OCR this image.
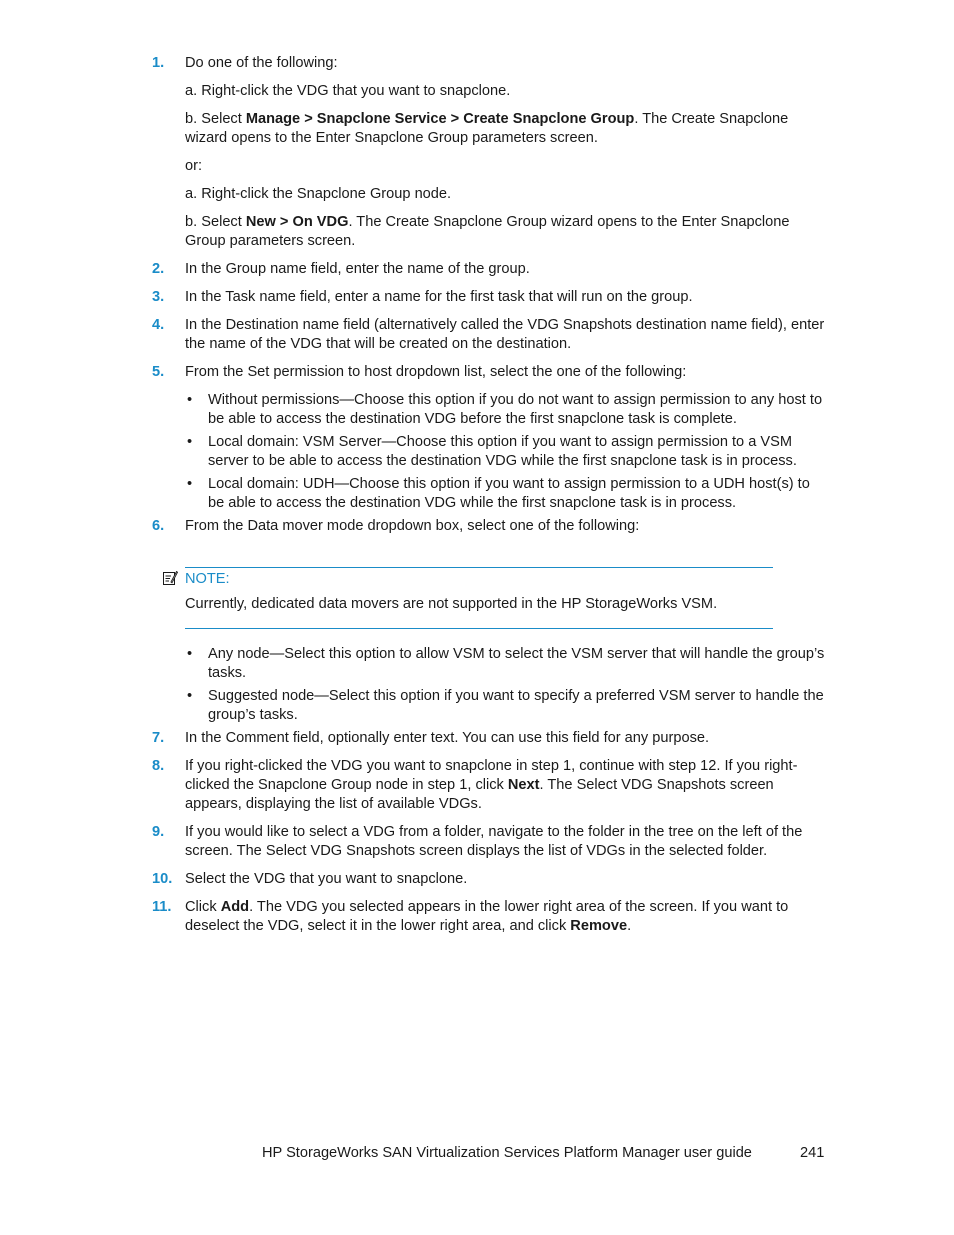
1.	Do one of the following:
a. Right-click the VDG that you want to snapclone.
b. Select Manage > Snapclone Service > Create Snapclone Group. The Create Snapclone wizard opens to the Enter Snapclone Group parameters screen.
or:
a. Right-click the Snapclone Group node.
b. Select New > On VDG. The Create Snapclone Group wizard opens to the Enter Snapclone Group parameters screen.
2.	In the Group name field, enter the name of the group.
3.	In the Task name field, enter a name for the first task that will run on the group.
4.	In the Destination name field (alternatively called the VDG Snapshots destination name field), enter the name of the VDG that will be created on the destination.
5.	From the Set permission to host dropdown list, select the one of the following:
• Without permissions—Choose this option if you do not want to assign permission to any host to be able to access the destination VDG before the first snapclone task is complete.
• Local domain: VSM Server—Choose this option if you want to assign permission to a VSM server to be able to access the destination VDG while the first snapclone task is in process.
• Local domain: UDH—Choose this option if you want to assign permission to a UDH host(s) to be able to access the destination VDG while the first snapclone task is in process.
6.	From the Data mover mode dropdown box, select one of the following:
NOTE:
Currently, dedicated data movers are not supported in the HP StorageWorks VSM.
• Any node—Select this option to allow VSM to select the VSM server that will handle the group’s tasks.
• Suggested node—Select this option if you want to specify a preferred VSM server to handle the group’s tasks.
7.	In the Comment field, optionally enter text. You can use this field for any purpose.
8.	If you right-clicked the VDG you want to snapclone in step 1, continue with step 12. If you right-clicked the Snapclone Group node in step 1, click Next. The Select VDG Snapshots screen appears, displaying the list of available VDGs.
9.	If you would like to select a VDG from a folder, navigate to the folder in the tree on the left of the screen. The Select VDG Snapshots screen displays the list of VDGs in the selected folder.
10. Select the VDG that you want to snapclone.
11. Click Add. The VDG you selected appears in the lower right area of the screen. If you want to deselect the VDG, select it in the lower right area, and click Remove.
HP StorageWorks SAN Virtualization Services Platform Manager user guide	241
